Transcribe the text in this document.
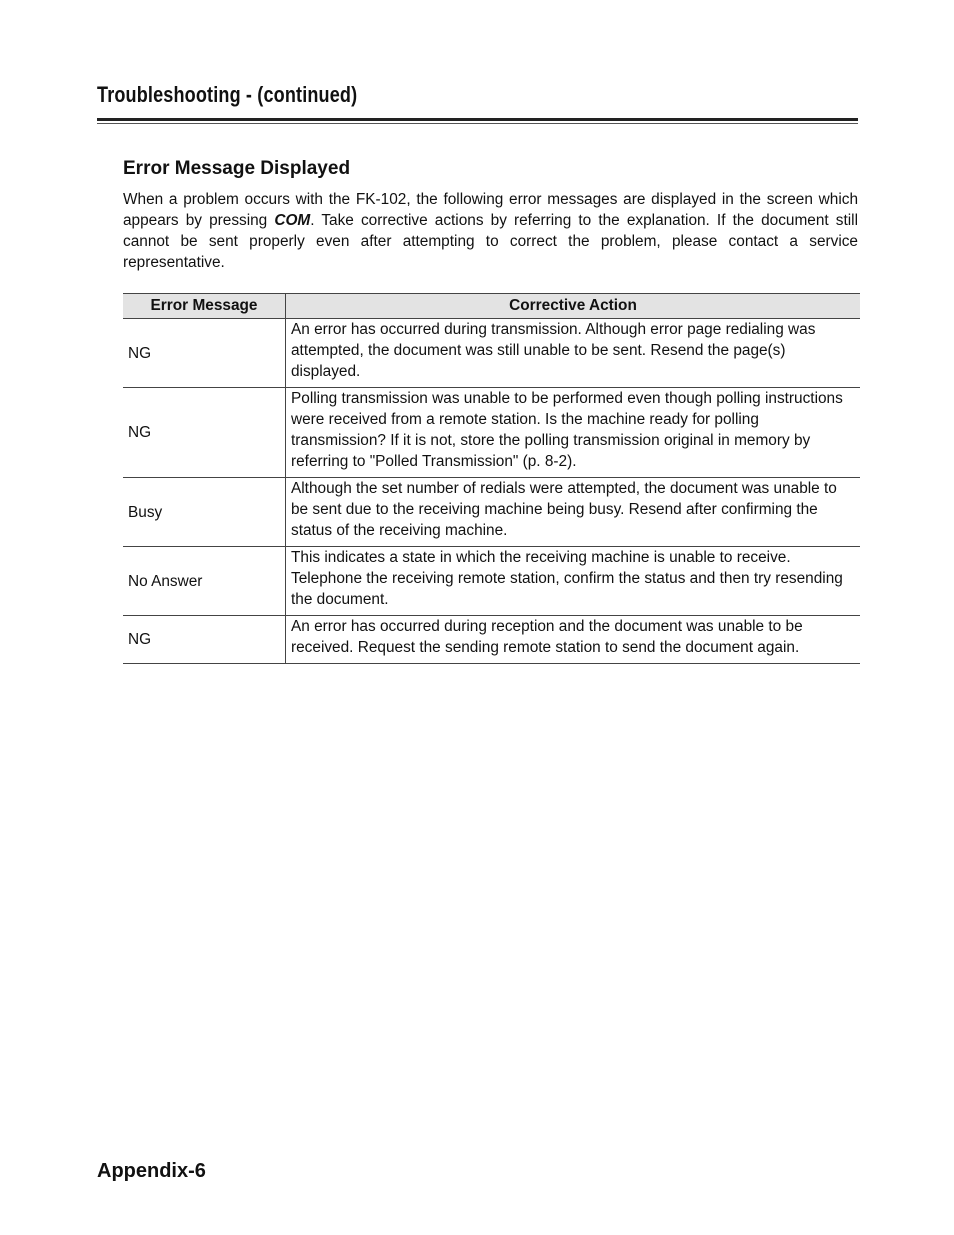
Troubleshooting - (continued)
Error Message Displayed
When a problem occurs with the FK-102, the following error messages are displayed in the screen which appears by pressing COM. Take corrective actions by referring to the explanation. If the document still cannot be sent properly even after attempting to correct the problem, please contact a service representative.
Error Message	Corrective Action
NG	An error has occurred during transmission. Although error page redialing was attempted, the document was still unable to be sent. Resend the page(s) displayed.
NG	Polling transmission was unable to be performed even though polling instructions were received from a remote station. Is the machine ready for polling transmission? If it is not, store the polling transmission original in memory by referring to "Polled Transmission" (p. 8-2).
Busy	Although the set number of redials were attempted, the document was unable to be sent due to the receiving machine being busy. Resend after confirming the status of the receiving machine.
No Answer	This indicates a state in which the receiving machine is unable to receive. Telephone the receiving remote station, confirm the status and then try resending the document.
NG	An error has occurred during reception and the document was unable to be received. Request the sending remote station to send the document again.
Appendix-6
